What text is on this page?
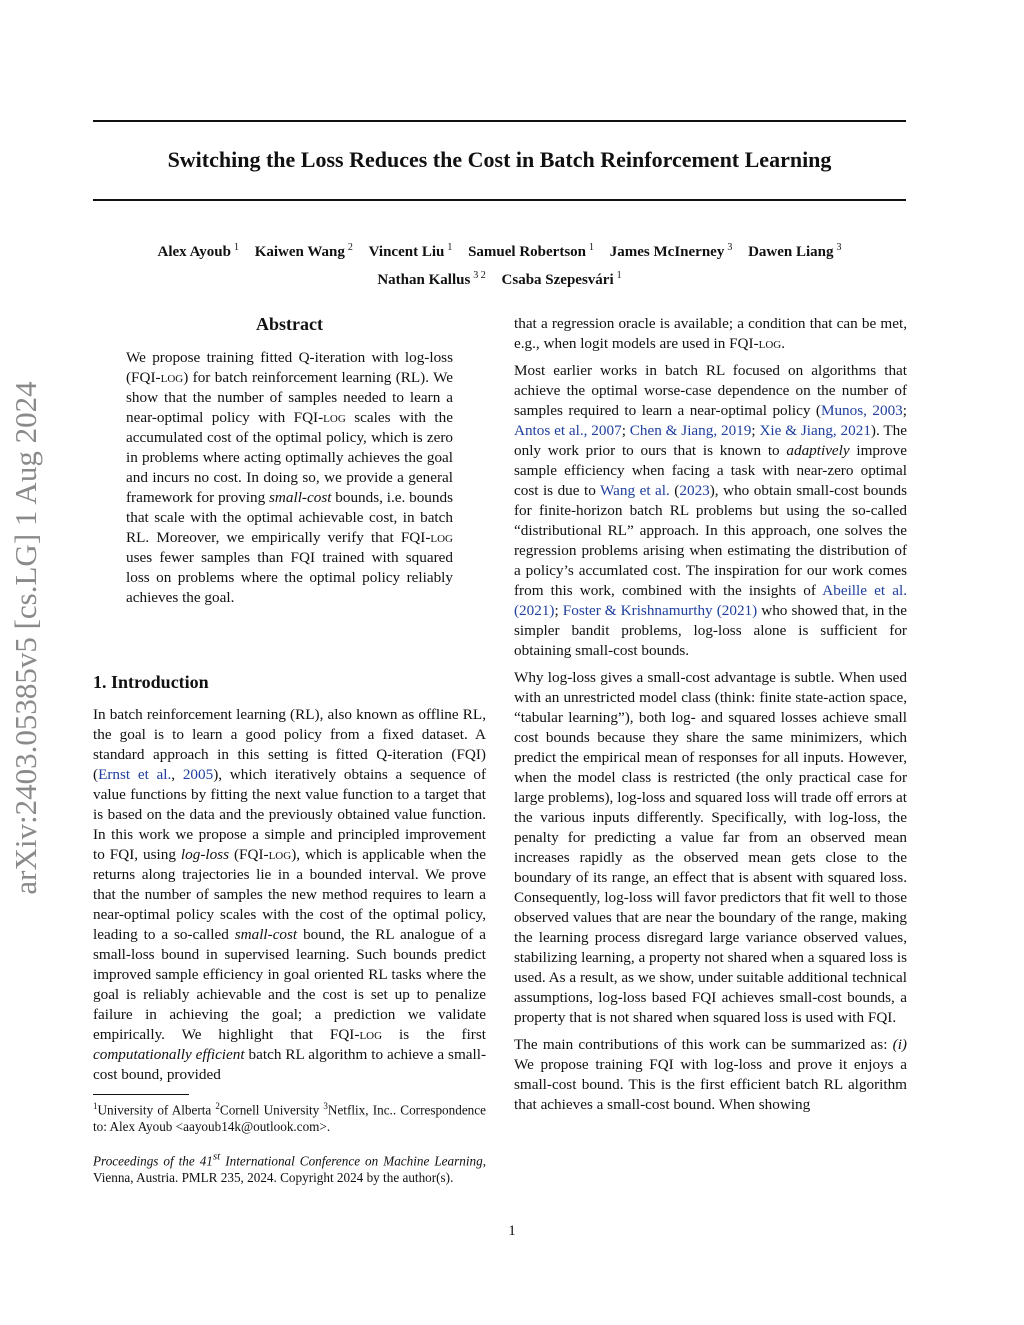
arXiv:2403.05385v5 [cs.LG] 1 Aug 2024
Switching the Loss Reduces the Cost in Batch Reinforcement Learning
Alex Ayoub $^1$ Kaiwen Wang $^2$ Vincent Liu $^1$ Samuel Robertson $^1$ James McInerney $^3$ Dawen Liang $^3$
Nathan Kallus $^{3 2}$ Csaba Szepesvári $^1$
Abstract

We propose training fitted Q-iteration with log-loss (FQI-log) for batch reinforcement learning (RL). We show that the number of samples needed to learn a near-optimal policy with FQI-log scales with the accumulated cost of the optimal policy, which is zero in problems where acting optimally achieves the goal and incurs no cost. In doing so, we provide a general framework for proving small-cost bounds, i.e. bounds that scale with the optimal achievable cost, in batch RL. Moreover, we empirically verify that FQI-log uses fewer samples than FQI trained with squared loss on problems where the optimal policy reliably achieves the goal.

1. Introduction

In batch reinforcement learning (RL), also known as offline RL, the goal is to learn a good policy from a fixed dataset. A standard approach in this setting is fitted Q-iteration (FQI) (Ernst et al., 2005), which iteratively obtains a sequence of value functions by fitting the next value function to a target that is based on the data and the previously obtained value function. In this work we propose a simple and principled improvement to FQI, using log-loss (FQI-log), which is applicable when the returns along trajectories lie in a bounded interval. We prove that the number of samples the new method requires to learn a near-optimal policy scales with the cost of the optimal policy, leading to a so-called small-cost bound, the RL analogue of a small-loss bound in supervised learning. Such bounds predict improved sample efficiency in goal oriented RL tasks where the goal is reliably achievable and the cost is set up to penalize failure in achieving the goal; a prediction we validate empirically. We highlight that FQI-log is the first computationally efficient batch RL algorithm to achieve a small-cost bound, provided

$^1$University of Alberta $^2$Cornell University $^3$Netflix, Inc.. Correspondence to: Alex Ayoub <aayoub14k@outlook.com>.

Proceedings of the 41st International Conference on Machine Learning, Vienna, Austria. PMLR 235, 2024. Copyright 2024 by the author(s).

that a regression oracle is available; a condition that can be met, e.g., when logit models are used in FQI-log.

Most earlier works in batch RL focused on algorithms that achieve the optimal worse-case dependence on the number of samples required to learn a near-optimal policy (Munos, 2003; Antos et al., 2007; Chen & Jiang, 2019; Xie & Jiang, 2021). The only work prior to ours that is known to adaptively improve sample efficiency when facing a task with near-zero optimal cost is due to Wang et al. (2023), who obtain small-cost bounds for finite-horizon batch RL problems but using the so-called “distributional RL” approach. In this approach, one solves the regression problems arising when estimating the distribution of a policy’s accumlated cost. The inspiration for our work comes from this work, combined with the insights of Abeille et al. (2021); Foster & Krishnamurthy (2021) who showed that, in the simpler bandit problems, log-loss alone is sufficient for obtaining small-cost bounds.

Why log-loss gives a small-cost advantage is subtle. When used with an unrestricted model class (think: finite state-action space, “tabular learning”), both log- and squared losses achieve small cost bounds because they share the same minimizers, which predict the empirical mean of responses for all inputs. However, when the model class is restricted (the only practical case for large problems), log-loss and squared loss will trade off errors at the various inputs differently. Specifically, with log-loss, the penalty for predicting a value far from an observed mean increases rapidly as the observed mean gets close to the boundary of its range, an effect that is absent with squared loss. Consequently, log-loss will favor predictors that fit well to those observed values that are near the boundary of the range, making the learning process disregard large variance observed values, stabilizing learning, a property not shared when a squared loss is used. As a result, as we show, under suitable additional technical assumptions, log-loss based FQI achieves small-cost bounds, a property that is not shared when squared loss is used with FQI.

The main contributions of this work can be summarized as: (i) We propose training FQI with log-loss and prove it enjoys a small-cost bound. This is the first efficient batch RL algorithm that achieves a small-cost bound. When showing

1
